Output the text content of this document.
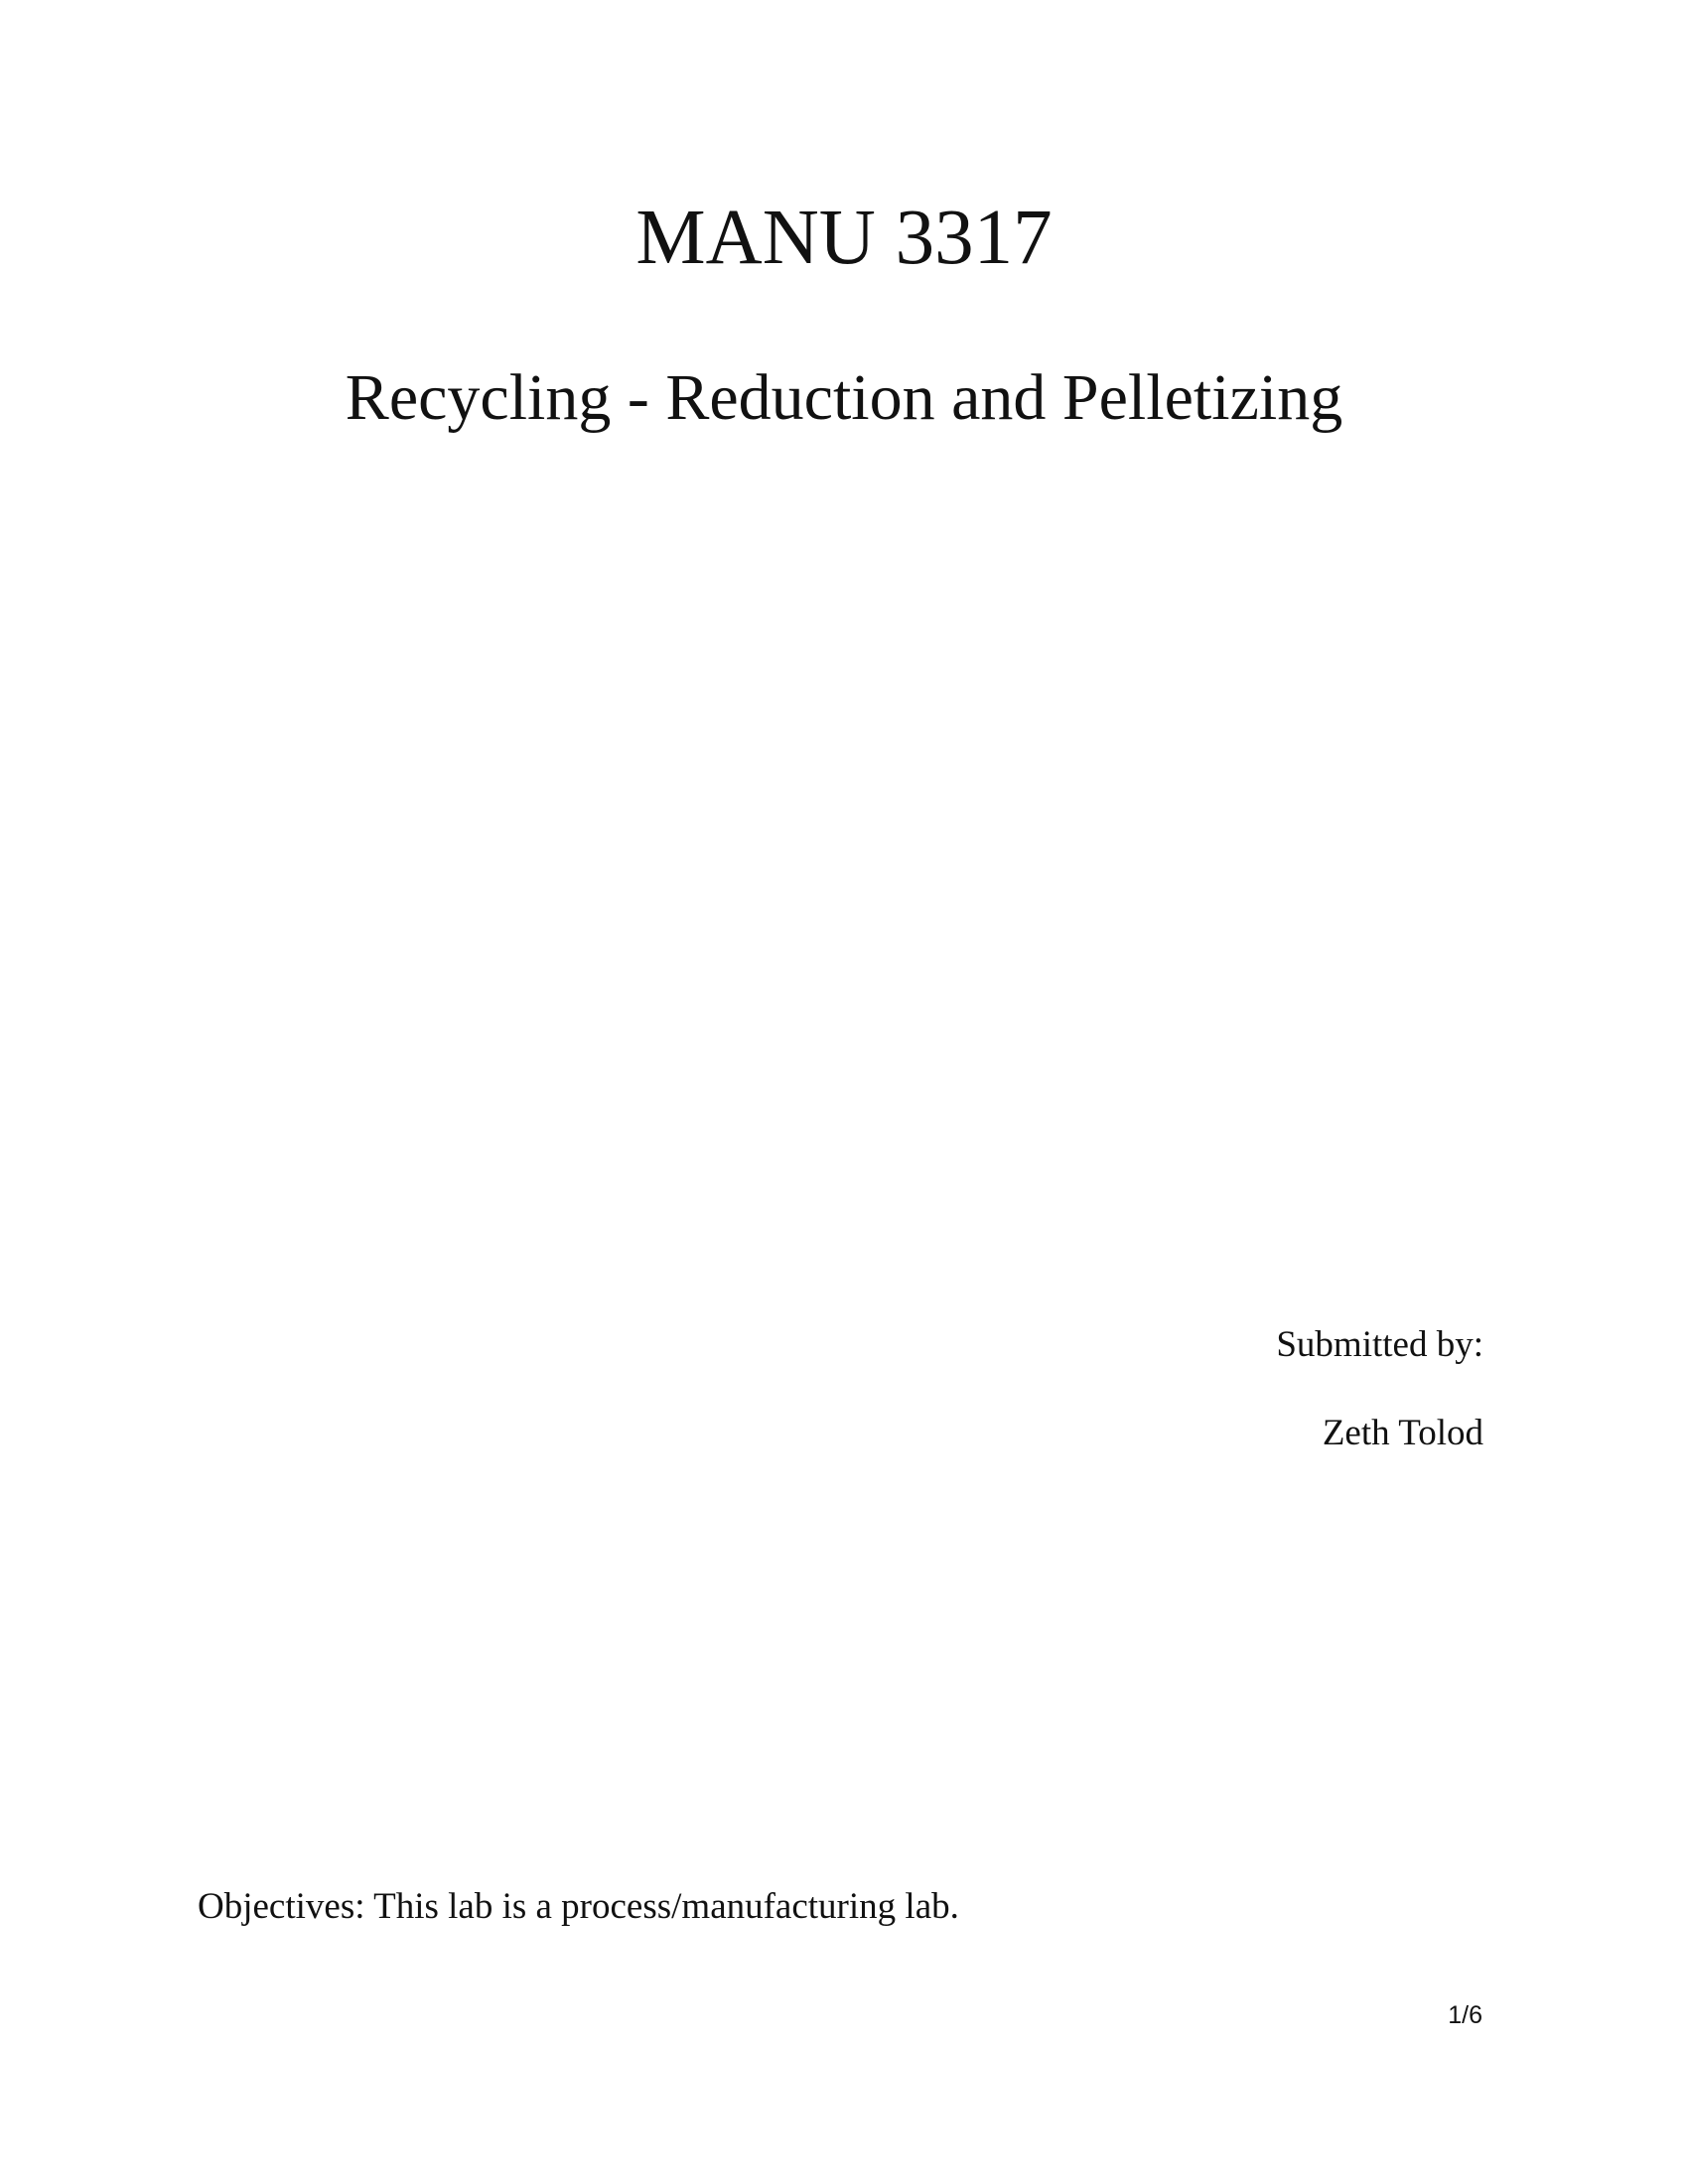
MANU 3317
Recycling - Reduction and Pelletizing
Submitted by:
Zeth Tolod
Objectives: This lab is a process/manufacturing lab.
1/6
